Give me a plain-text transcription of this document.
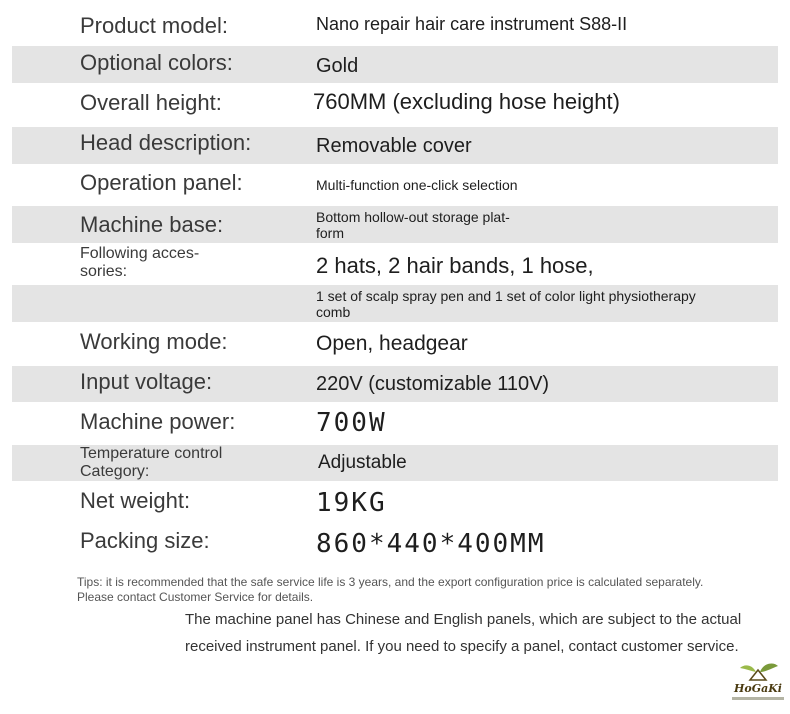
Product model:	Nano repair hair care instrument S88-II
Optional colors:	Gold
Overall height:	760MM (excluding hose height)
Head description:	Removable cover
Operation panel:	Multi-function one-click selection
Machine base:	Bottom hollow-out storage plat-
form
Following acces-
sories:	2 hats, 2 hair bands, 1 hose,
1 set of scalp spray pen and 1 set of color light physiotherapy
comb
Working mode:	Open, headgear
Input voltage:	220V (customizable 110V)
Machine power:	700W
Temperature control
Category:	Adjustable
Net weight:	19KG
Packing size:	860*440*400MM
Tips: it is recommended that the safe service life is 3 years, and the export configuration price is calculated separately.
Please contact Customer Service for details.
The machine panel has Chinese and English panels, which are subject to the actual received instrument panel. If you need to specify a panel, contact customer service.
HoGaKi
